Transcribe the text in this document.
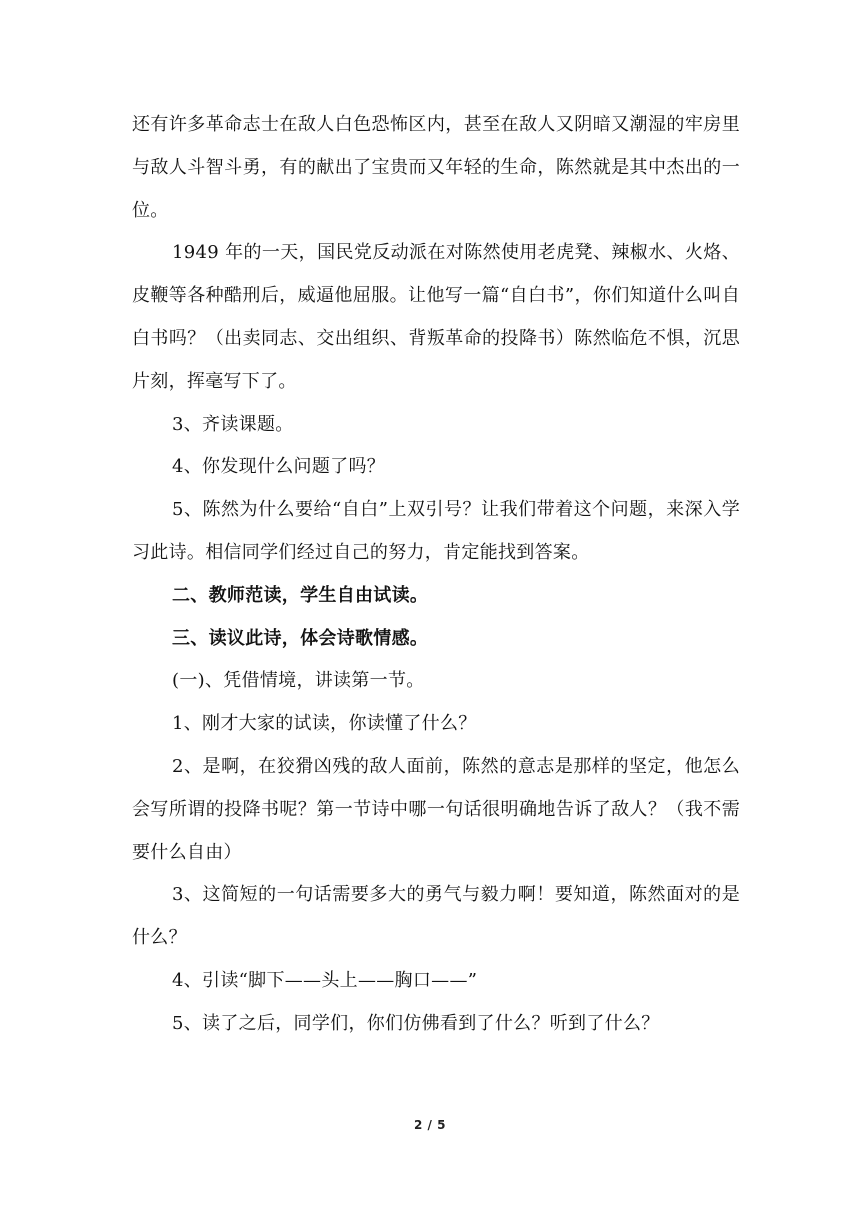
还有许多革命志士在敌人白色恐怖区内，甚至在敌人又阴暗又潮湿的牢房里与敌人斗智斗勇，有的献出了宝贵而又年轻的生命，陈然就是其中杰出的一位。

1949 年的一天，国民党反动派在对陈然使用老虎凳、辣椒水、火烙、皮鞭等各种酷刑后，威逼他屈服。让他写一篇“自白书”，你们知道什么叫自白书吗？（出卖同志、交出组织、背叛革命的投降书）陈然临危不惧，沉思片刻，挥毫写下了。

3、齐读课题。

4、你发现什么问题了吗？

5、陈然为什么要给“自白”上双引号？让我们带着这个问题，来深入学习此诗。相信同学们经过自己的努力，肯定能找到答案。

二、教师范读，学生自由试读。

三、读议此诗，体会诗歌情感。

(一)、凭借情境，讲读第一节。

1、刚才大家的试读，你读懂了什么？

2、是啊，在狡猾凶残的敌人面前，陈然的意志是那样的坚定，他怎么会写所谓的投降书呢？第一节诗中哪一句话很明确地告诉了敌人？（我不需要什么自由）

3、这简短的一句话需要多大的勇气与毅力啊！要知道，陈然面对的是什么？

4、引读“脚下——头上——胸口——”

5、读了之后，同学们，你们仿佛看到了什么？听到了什么？

2 / 5
